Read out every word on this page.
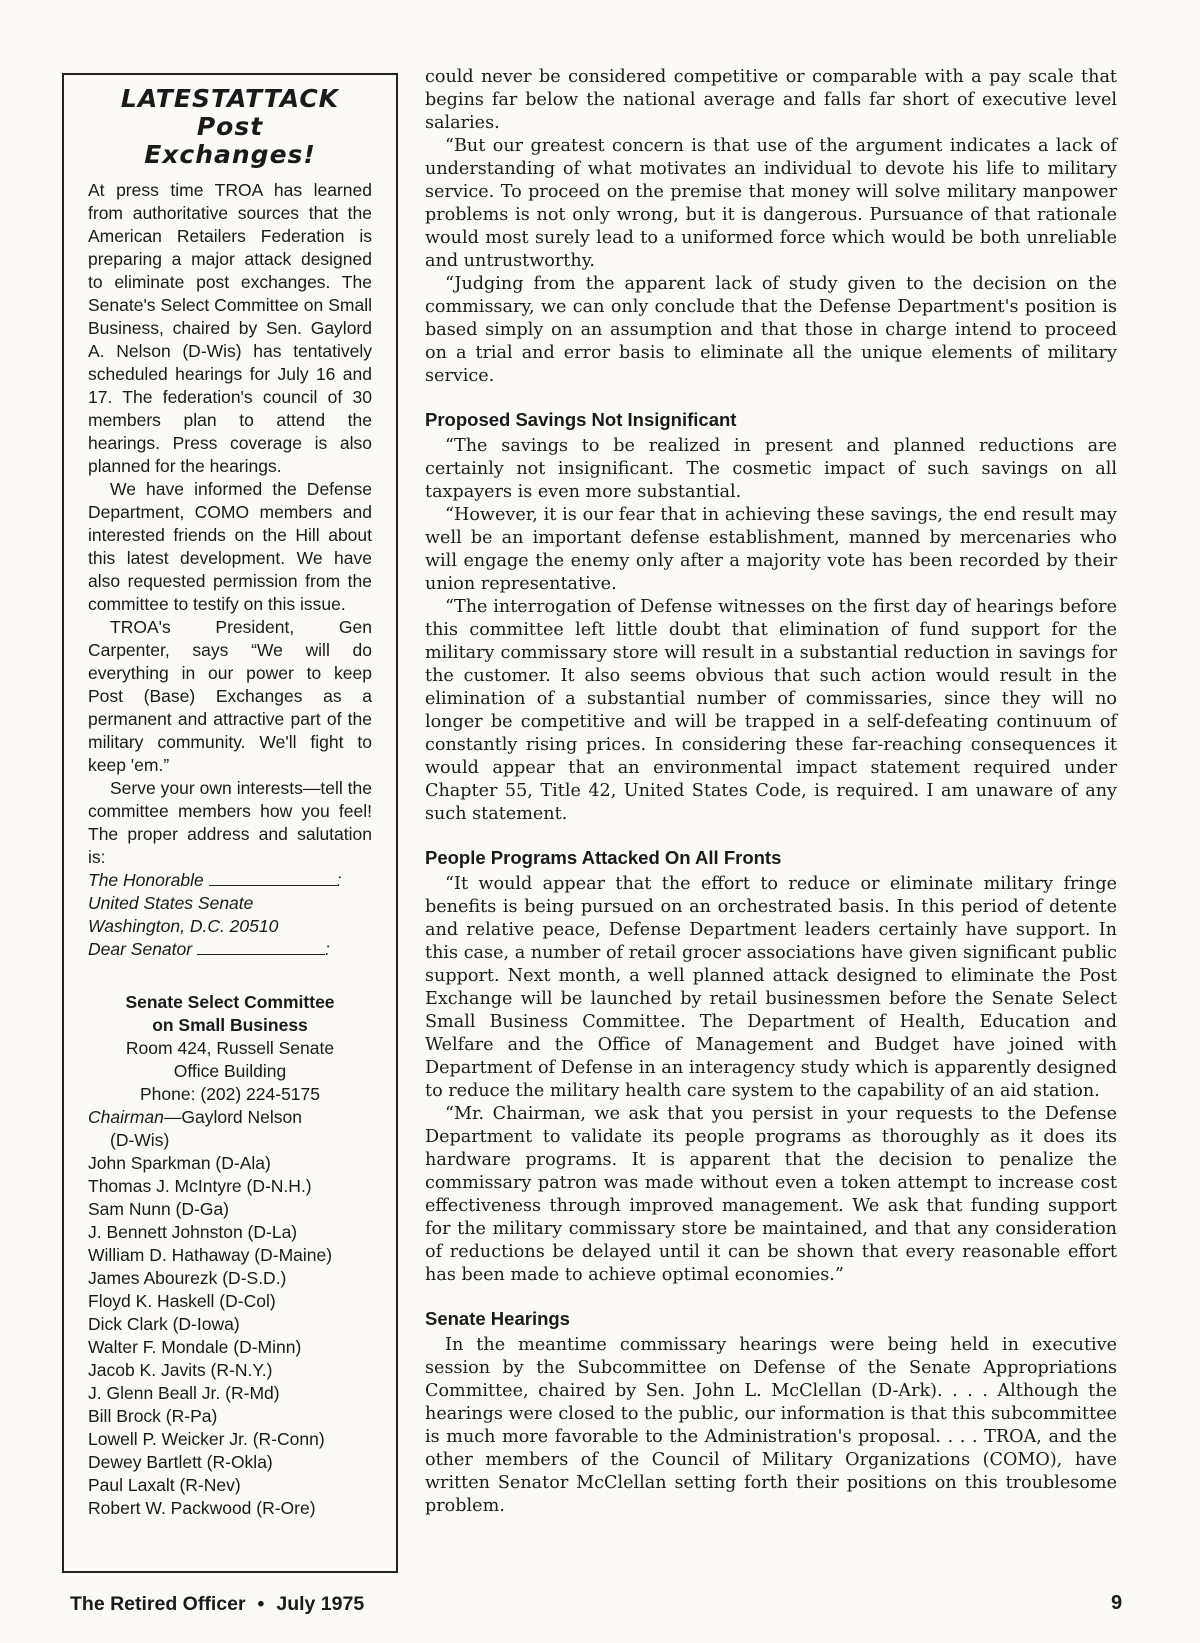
LATESTATTACK
Post
Exchanges!

At press time TROA has learned from authoritative sources that the American Retailers Federation is preparing a major attack designed to eliminate post exchanges. The Senate's Select Committee on Small Business, chaired by Sen. Gaylord A. Nelson (D-Wis) has tentatively scheduled hearings for July 16 and 17. The federation's council of 30 members plan to attend the hearings. Press coverage is also planned for the hearings.

We have informed the Defense Department, COMO members and interested friends on the Hill about this latest development. We have also requested permission from the committee to testify on this issue.

TROA's President, Gen Carpenter, says “We will do everything in our power to keep Post (Base) Exchanges as a permanent and attractive part of the military community. We'll fight to keep 'em.”

Serve your own interests—tell the committee members how you feel! The proper address and salutation is:

The Honorable	:

United States Senate

Washington, D.C. 20510

Dear Senator	:

Senate Select Committee
on Small Business
Room 424, Russell Senate
Office Building
Phone: (202) 224-5175

Chairman—Gaylord Nelson

(D-Wis)

John Sparkman (D-Ala)

Thomas J. McIntyre (D-N.H.)

Sam Nunn (D-Ga)

J. Bennett Johnston (D-La)

William D. Hathaway (D-Maine)

James Abourezk (D-S.D.)

Floyd K. Haskell (D-Col)

Dick Clark (D-Iowa)

Walter F. Mondale (D-Minn)

Jacob K. Javits (R-N.Y.)

J. Glenn Beall Jr. (R-Md)

Bill Brock (R-Pa)

Lowell P. Weicker Jr. (R-Conn)

Dewey Bartlett (R-Okla)

Paul Laxalt (R-Nev)

Robert W. Packwood (R-Ore)

could never be considered competitive or comparable with a pay scale that begins far below the national average and falls far short of executive level salaries.

“But our greatest concern is that use of the argument indicates a lack of understanding of what motivates an individual to devote his life to military service. To proceed on the premise that money will solve military manpower problems is not only wrong, but it is dangerous. Pursuance of that rationale would most surely lead to a uniformed force which would be both unreliable and untrustworthy.

“Judging from the apparent lack of study given to the decision on the commissary, we can only conclude that the Defense Department's position is based simply on an assumption and that those in charge intend to proceed on a trial and error basis to eliminate all the unique elements of military service.

Proposed Savings Not Insignificant

“The savings to be realized in present and planned reductions are certainly not insignificant. The cosmetic impact of such savings on all taxpayers is even more substantial.

“However, it is our fear that in achieving these savings, the end result may well be an important defense establishment, manned by mercenaries who will engage the enemy only after a majority vote has been recorded by their union representative.

“The interrogation of Defense witnesses on the first day of hearings before this committee left little doubt that elimination of fund support for the military commissary store will result in a substantial reduction in savings for the customer. It also seems obvious that such action would result in the elimination of a substantial number of commissaries, since they will no longer be competitive and will be trapped in a self-defeating continuum of constantly rising prices. In considering these far-reaching consequences it would appear that an environmental impact statement required under Chapter 55, Title 42, United States Code, is required. I am unaware of any such statement.

People Programs Attacked On All Fronts

“It would appear that the effort to reduce or eliminate military fringe benefits is being pursued on an orchestrated basis. In this period of detente and relative peace, Defense Department leaders certainly have support. In this case, a number of retail grocer associations have given significant public support. Next month, a well planned attack designed to eliminate the Post Exchange will be launched by retail businessmen before the Senate Select Small Business Committee. The Department of Health, Education and Welfare and the Office of Management and Budget have joined with Department of Defense in an interagency study which is apparently designed to reduce the military health care system to the capability of an aid station.

“Mr. Chairman, we ask that you persist in your requests to the Defense Department to validate its people programs as thoroughly as it does its hardware programs. It is apparent that the decision to penalize the commissary patron was made without even a token attempt to increase cost effectiveness through improved management. We ask that funding support for the military commissary store be maintained, and that any consideration of reductions be delayed until it can be shown that every reasonable effort has been made to achieve optimal economies.”

Senate Hearings

In the meantime commissary hearings were being held in executive session by the Subcommittee on Defense of the Senate Appropriations Committee, chaired by Sen. John L. McClellan (D-Ark). . . . Although the hearings were closed to the public, our information is that this subcommittee is much more favorable to the Administration's proposal. . . . TROA, and the other members of the Council of Military Organizations (COMO), have written Senator McClellan setting forth their positions on this troublesome problem.

The Retired Officer • July 1975	9
